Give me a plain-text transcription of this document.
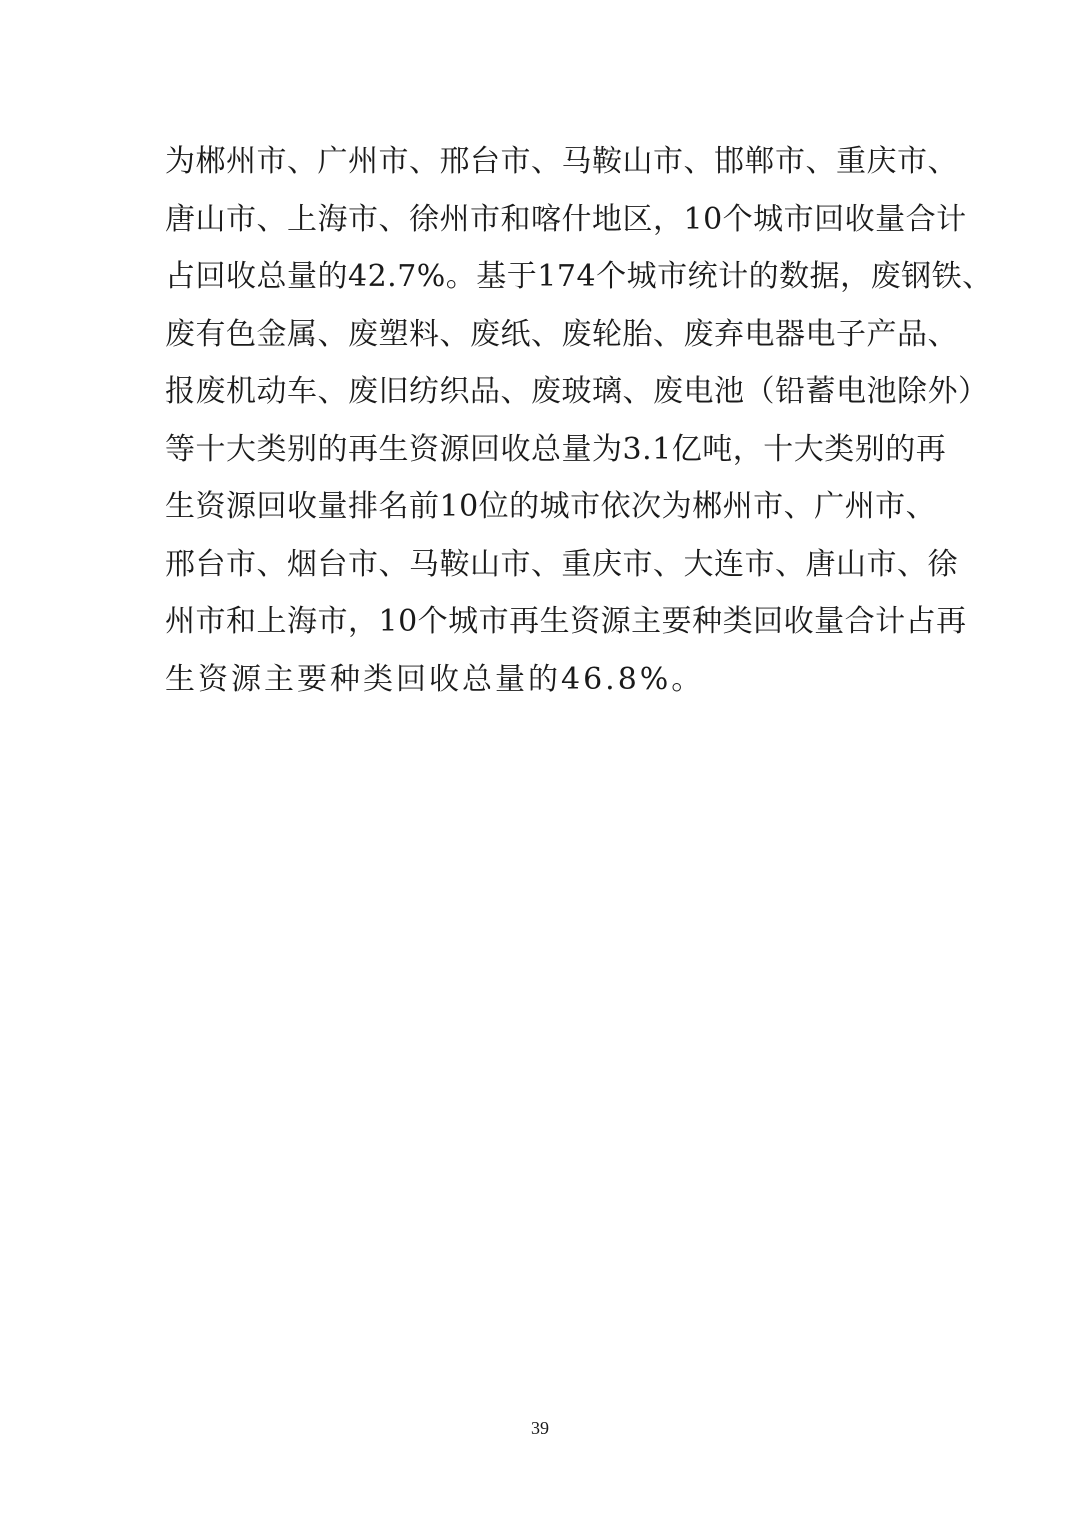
为郴州市、广州市、邢台市、马鞍山市、邯郸市、重庆市、
唐山市、上海市、徐州市和喀什地区，10个城市回收量合计
占回收总量的42.7%。基于174个城市统计的数据，废钢铁、
废有色金属、废塑料、废纸、废轮胎、废弃电器电子产品、
报废机动车、废旧纺织品、废玻璃、废电池（铅蓄电池除外）
等十大类别的再生资源回收总量为3.1亿吨，十大类别的再
生资源回收量排名前10位的城市依次为郴州市、广州市、
邢台市、烟台市、马鞍山市、重庆市、大连市、唐山市、徐
州市和上海市，10个城市再生资源主要种类回收量合计占再
生资源主要种类回收总量的46.8%。
39
